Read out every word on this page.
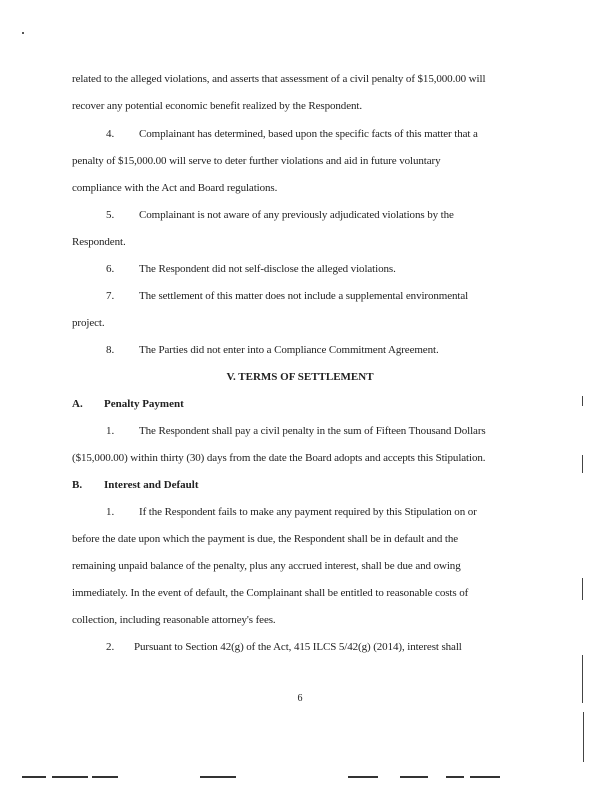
related to the alleged violations, and asserts that assessment of a civil penalty of $15,000.00 will
recover any potential economic benefit realized by the Respondent.
4. Complainant has determined, based upon the specific facts of this matter that a
penalty of $15,000.00 will serve to deter further violations and aid in future voluntary
compliance with the Act and Board regulations.
5. Complainant is not aware of any previously adjudicated violations by the
Respondent.
6. The Respondent did not self-disclose the alleged violations.
7. The settlement of this matter does not include a supplemental environmental
project.
8. The Parties did not enter into a Compliance Commitment Agreement.
V. TERMS OF SETTLEMENT
A. Penalty Payment
1. The Respondent shall pay a civil penalty in the sum of Fifteen Thousand Dollars
($15,000.00) within thirty (30) days from the date the Board adopts and accepts this Stipulation.
B. Interest and Default
1. If the Respondent fails to make any payment required by this Stipulation on or
before the date upon which the payment is due, the Respondent shall be in default and the
remaining unpaid balance of the penalty, plus any accrued interest, shall be due and owing
immediately. In the event of default, the Complainant shall be entitled to reasonable costs of
collection, including reasonable attorney's fees.
2. Pursuant to Section 42(g) of the Act, 415 ILCS 5/42(g) (2014), interest shall
6
